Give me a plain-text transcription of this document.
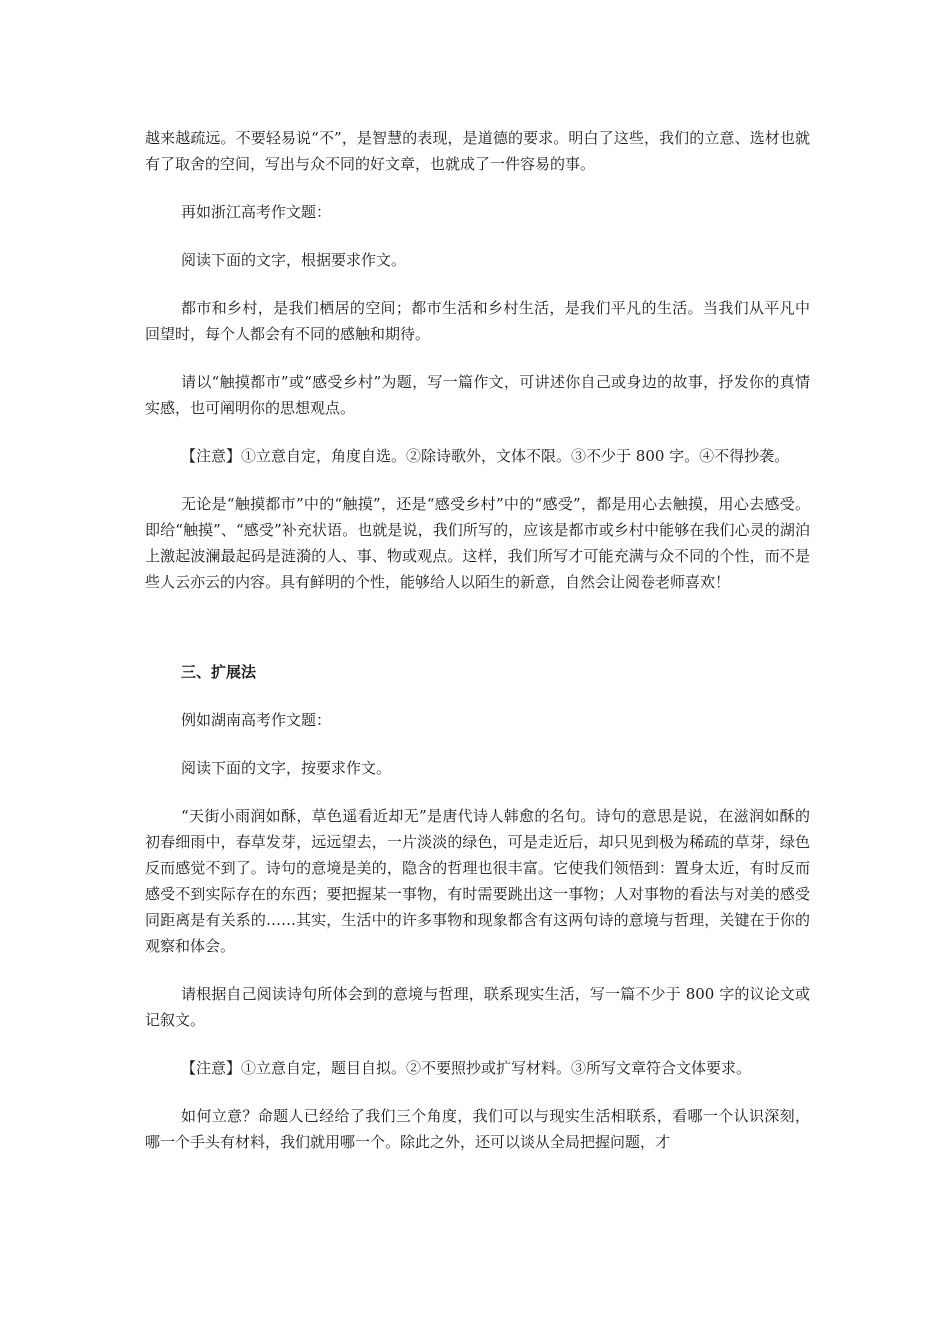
越来越疏远。不要轻易说“不”，是智慧的表现，是道德的要求。明白了这些，我们的立意、选材也就有了取舍的空间，写出与众不同的好文章，也就成了一件容易的事。

再如浙江高考作文题：

阅读下面的文字，根据要求作文。

都市和乡村，是我们栖居的空间；都市生活和乡村生活，是我们平凡的生活。当我们从平凡中回望时，每个人都会有不同的感触和期待。

请以“触摸都市”或“感受乡村”为题，写一篇作文，可讲述你自己或身边的故事，抒发你的真情实感，也可阐明你的思想观点。

【注意】①立意自定，角度自选。②除诗歌外，文体不限。③不少于 800 字。④不得抄袭。

无论是“触摸都市”中的“触摸”，还是“感受乡村”中的“感受”，都是用心去触摸，用心去感受。即给“触摸”、“感受”补充状语。也就是说，我们所写的，应该是都市或乡村中能够在我们心灵的湖泊上激起波澜最起码是涟漪的人、事、物或观点。这样，我们所写才可能充满与众不同的个性，而不是些人云亦云的内容。具有鲜明的个性，能够给人以陌生的新意，自然会让阅卷老师喜欢！

三、扩展法

例如湖南高考作文题：

阅读下面的文字，按要求作文。

“天街小雨润如酥，草色遥看近却无”是唐代诗人韩愈的名句。诗句的意思是说，在滋润如酥的初春细雨中，春草发芽，远远望去，一片淡淡的绿色，可是走近后，却只见到极为稀疏的草芽，绿色反而感觉不到了。诗句的意境是美的，隐含的哲理也很丰富。它使我们领悟到：置身太近，有时反而感受不到实际存在的东西；要把握某一事物，有时需要跳出这一事物；人对事物的看法与对美的感受同距离是有关系的……其实，生活中的许多事物和现象都含有这两句诗的意境与哲理，关键在于你的观察和体会。

请根据自己阅读诗句所体会到的意境与哲理，联系现实生活，写一篇不少于 800 字的议论文或记叙文。

【注意】①立意自定，题目自拟。②不要照抄或扩写材料。③所写文章符合文体要求。

如何立意？命题人已经给了我们三个角度，我们可以与现实生活相联系，看哪一个认识深刻，哪一个手头有材料，我们就用哪一个。除此之外，还可以谈从全局把握问题，才
